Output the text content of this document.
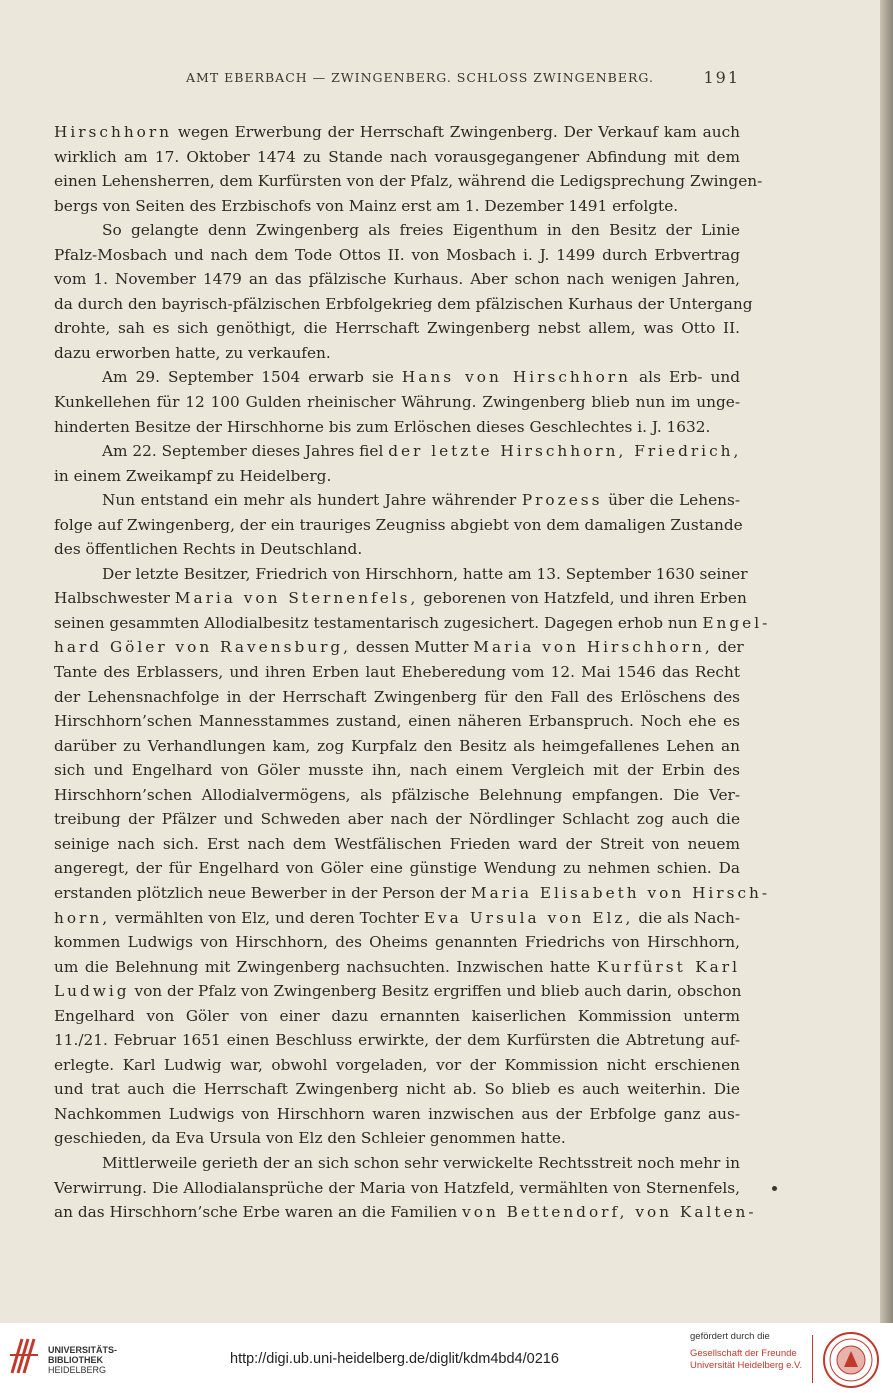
AMT EBERBACH — ZWINGENBERG. SCHLOSS ZWINGENBERG.	191
Hirschhorn wegen Erwerbung der Herrschaft Zwingenberg. Der Verkauf kam auch
wirklich am 17. Oktober 1474 zu Stande nach vorausgegangener Abfindung mit dem
einen Lehensherren, dem Kurfürsten von der Pfalz, während die Ledigsprechung Zwingen-
bergs von Seiten des Erzbischofs von Mainz erst am 1. Dezember 1491 erfolgte.
So gelangte denn Zwingenberg als freies Eigenthum in den Besitz der Linie
Pfalz-Mosbach und nach dem Tode Ottos II. von Mosbach i. J. 1499 durch Erbvertrag
vom 1. November 1479 an das pfälzische Kurhaus. Aber schon nach wenigen Jahren,
da durch den bayrisch-pfälzischen Erbfolgekrieg dem pfälzischen Kurhaus der Untergang
drohte, sah es sich genöthigt, die Herrschaft Zwingenberg nebst allem, was Otto II.
dazu erworben hatte, zu verkaufen.
Am 29. September 1504 erwarb sie Hans von Hirschhorn als Erb- und
Kunkellehen für 12 100 Gulden rheinischer Währung. Zwingenberg blieb nun im unge-
hinderten Besitze der Hirschhorne bis zum Erlöschen dieses Geschlechtes i. J. 1632.
Am 22. September dieses Jahres fiel der letzte Hirschhorn, Friedrich,
in einem Zweikampf zu Heidelberg.
Nun entstand ein mehr als hundert Jahre währender Prozess über die Lehens-
folge auf Zwingenberg, der ein trauriges Zeugniss abgiebt von dem damaligen Zustande
des öffentlichen Rechts in Deutschland.
Der letzte Besitzer, Friedrich von Hirschhorn, hatte am 13. September 1630 seiner
Halbschwester Maria von Sternenfels, geborenen von Hatzfeld, und ihren Erben
seinen gesammten Allodialbesitz testamentarisch zugesichert. Dagegen erhob nun Engel-
hard Göler von Ravensburg, dessen Mutter Maria von Hirschhorn, der
Tante des Erblassers, und ihren Erben laut Eheberedung vom 12. Mai 1546 das Recht
der Lehensnachfolge in der Herrschaft Zwingenberg für den Fall des Erlöschens des
Hirschhorn’schen Mannesstammes zustand, einen näheren Erbanspruch. Noch ehe es
darüber zu Verhandlungen kam, zog Kurpfalz den Besitz als heimgefallenes Lehen an
sich und Engelhard von Göler musste ihn, nach einem Vergleich mit der Erbin des
Hirschhorn’schen Allodialvermögens, als pfälzische Belehnung empfangen. Die Ver-
treibung der Pfälzer und Schweden aber nach der Nördlinger Schlacht zog auch die
seinige nach sich. Erst nach dem Westfälischen Frieden ward der Streit von neuem
angeregt, der für Engelhard von Göler eine günstige Wendung zu nehmen schien. Da
erstanden plötzlich neue Bewerber in der Person der Maria Elisabeth von Hirsch-
horn, vermählten von Elz, und deren Tochter Eva Ursula von Elz, die als Nach-
kommen Ludwigs von Hirschhorn, des Oheims genannten Friedrichs von Hirschhorn,
um die Belehnung mit Zwingenberg nachsuchten. Inzwischen hatte Kurfürst Karl
Ludwig von der Pfalz von Zwingenberg Besitz ergriffen und blieb auch darin, obschon
Engelhard von Göler von einer dazu ernannten kaiserlichen Kommission unterm
11./21. Februar 1651 einen Beschluss erwirkte, der dem Kurfürsten die Abtretung auf-
erlegte. Karl Ludwig war, obwohl vorgeladen, vor der Kommission nicht erschienen
und trat auch die Herrschaft Zwingenberg nicht ab. So blieb es auch weiterhin. Die
Nachkommen Ludwigs von Hirschhorn waren inzwischen aus der Erbfolge ganz aus-
geschieden, da Eva Ursula von Elz den Schleier genommen hatte.
Mittlerweile gerieth der an sich schon sehr verwickelte Rechtsstreit noch mehr in
Verwirrung. Die Allodialansprüche der Maria von Hatzfeld, vermählten von Sternenfels,
an das Hirschhorn’sche Erbe waren an die Familien von Bettendorf, von Kalten-
UNIVERSITÄTS-
BIBLIOTHEK
HEIDELBERG
http://digi.ub.uni-heidelberg.de/diglit/kdm4bd4/0216
gefördert durch die
Gesellschaft der Freunde
Universität Heidelberg e.V.
